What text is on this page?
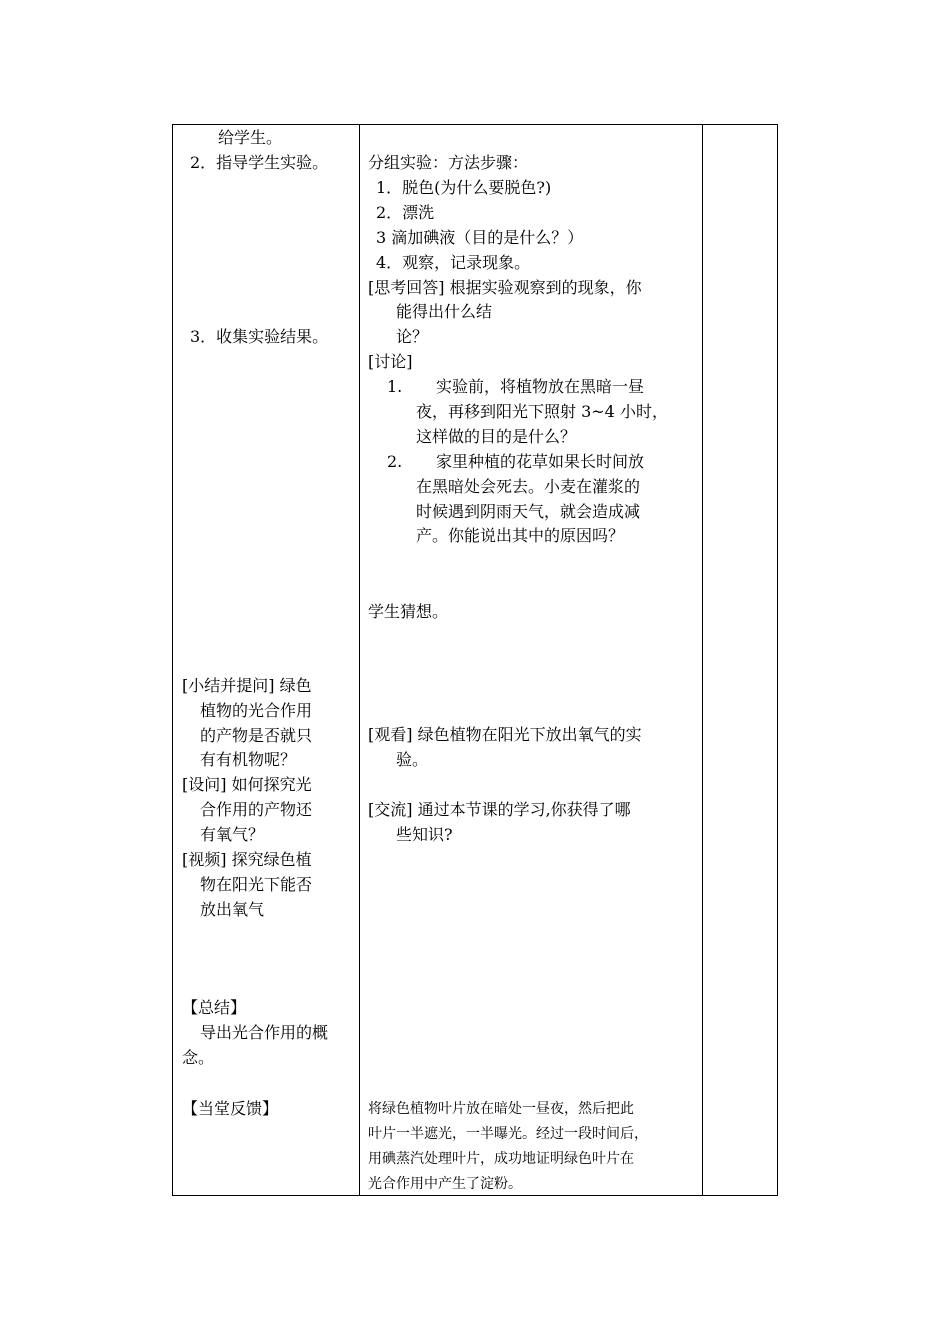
给学生。
2．指导学生实验。
3．收集实验结果。
[小结并提问] 绿色
植物的光合作用
的产物是否就只
有有机物呢？
[设问] 如何探究光
合作用的产物还
有氧气？
[视频] 探究绿色植
物在阳光下能否
放出氧气
【总结】
导出光合作用的概
念。
【当堂反馈】
分组实验：方法步骤：
1．脱色(为什么要脱色?)
2．漂洗
3 滴加碘液（目的是什么？）
4．观察，记录现象。
[思考回答] 根据实验观察到的现象，你
能得出什么结
论？
[讨论]
1. 实验前，将植物放在黑暗一昼
夜，再移到阳光下照射 3~4 小时，
这样做的目的是什么？
2. 家里种植的花草如果长时间放
在黑暗处会死去。小麦在灌浆的
时候遇到阴雨天气，就会造成减
产。你能说出其中的原因吗？
学生猜想。
[观看] 绿色植物在阳光下放出氧气的实
验。
[交流] 通过本节课的学习,你获得了哪
些知识?
将绿色植物叶片放在暗处一昼夜，然后把此
叶片一半遮光，一半曝光。经过一段时间后，
用碘蒸汽处理叶片，成功地证明绿色叶片在
光合作用中产生了淀粉。
